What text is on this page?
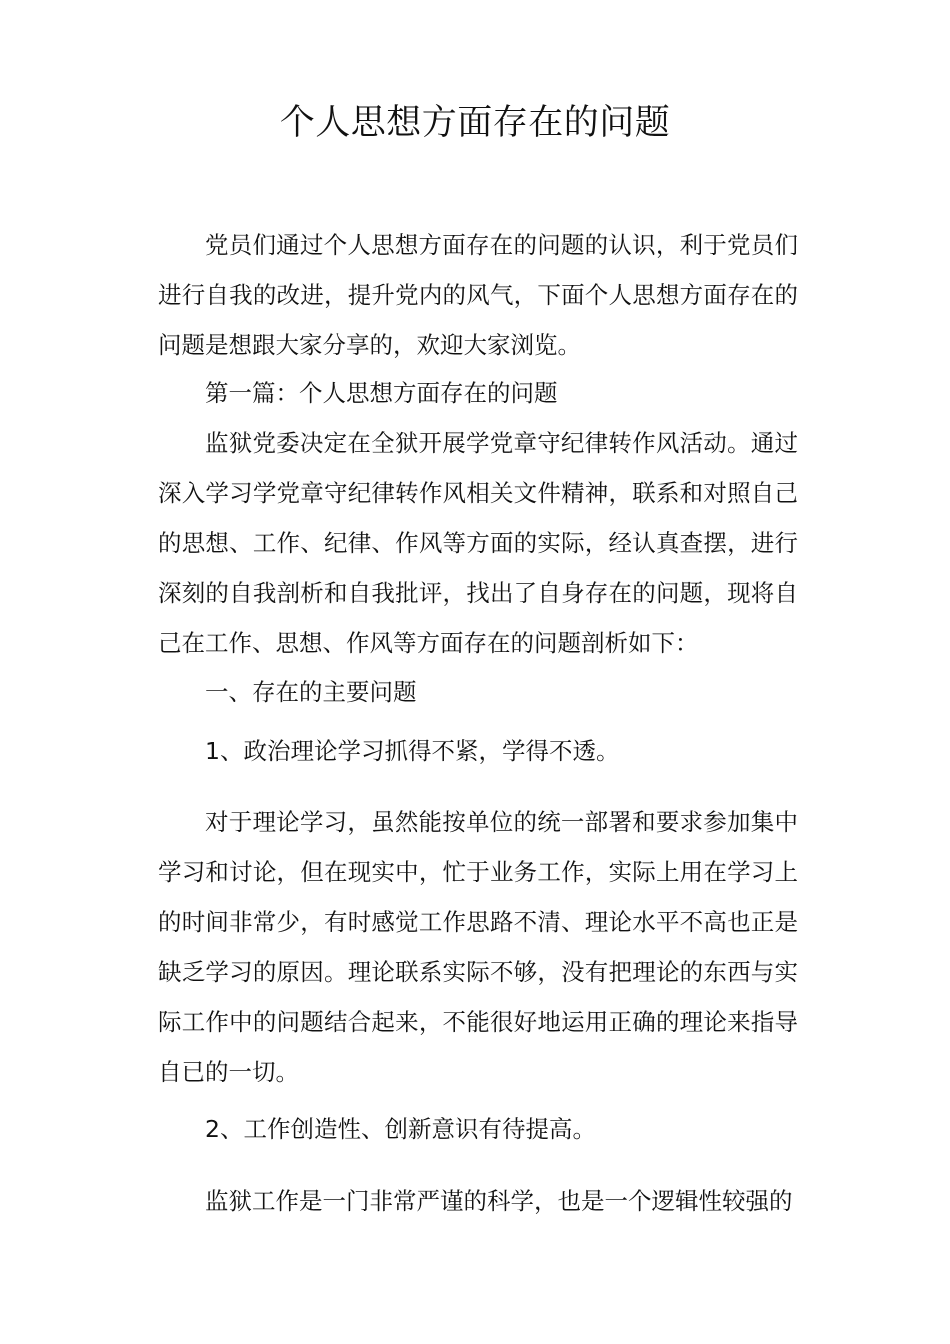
个人思想方面存在的问题

党员们通过个人思想方面存在的问题的认识，利于党员们进行自我的改进，提升党内的风气，下面个人思想方面存在的问题是想跟大家分享的，欢迎大家浏览。

第一篇：个人思想方面存在的问题

监狱党委决定在全狱开展学党章守纪律转作风活动。通过深入学习学党章守纪律转作风相关文件精神，联系和对照自己的思想、工作、纪律、作风等方面的实际，经认真查摆，进行深刻的自我剖析和自我批评，找出了自身存在的问题，现将自己在工作、思想、作风等方面存在的问题剖析如下：

一、存在的主要问题

1、政治理论学习抓得不紧，学得不透。

对于理论学习，虽然能按单位的统一部署和要求参加集中学习和讨论，但在现实中，忙于业务工作，实际上用在学习上的时间非常少，有时感觉工作思路不清、理论水平不高也正是缺乏学习的原因。理论联系实际不够，没有把理论的东西与实际工作中的问题结合起来，不能很好地运用正确的理论来指导自已的一切。

2、工作创造性、创新意识有待提高。

监狱工作是一门非常严谨的科学，也是一个逻辑性较强的
